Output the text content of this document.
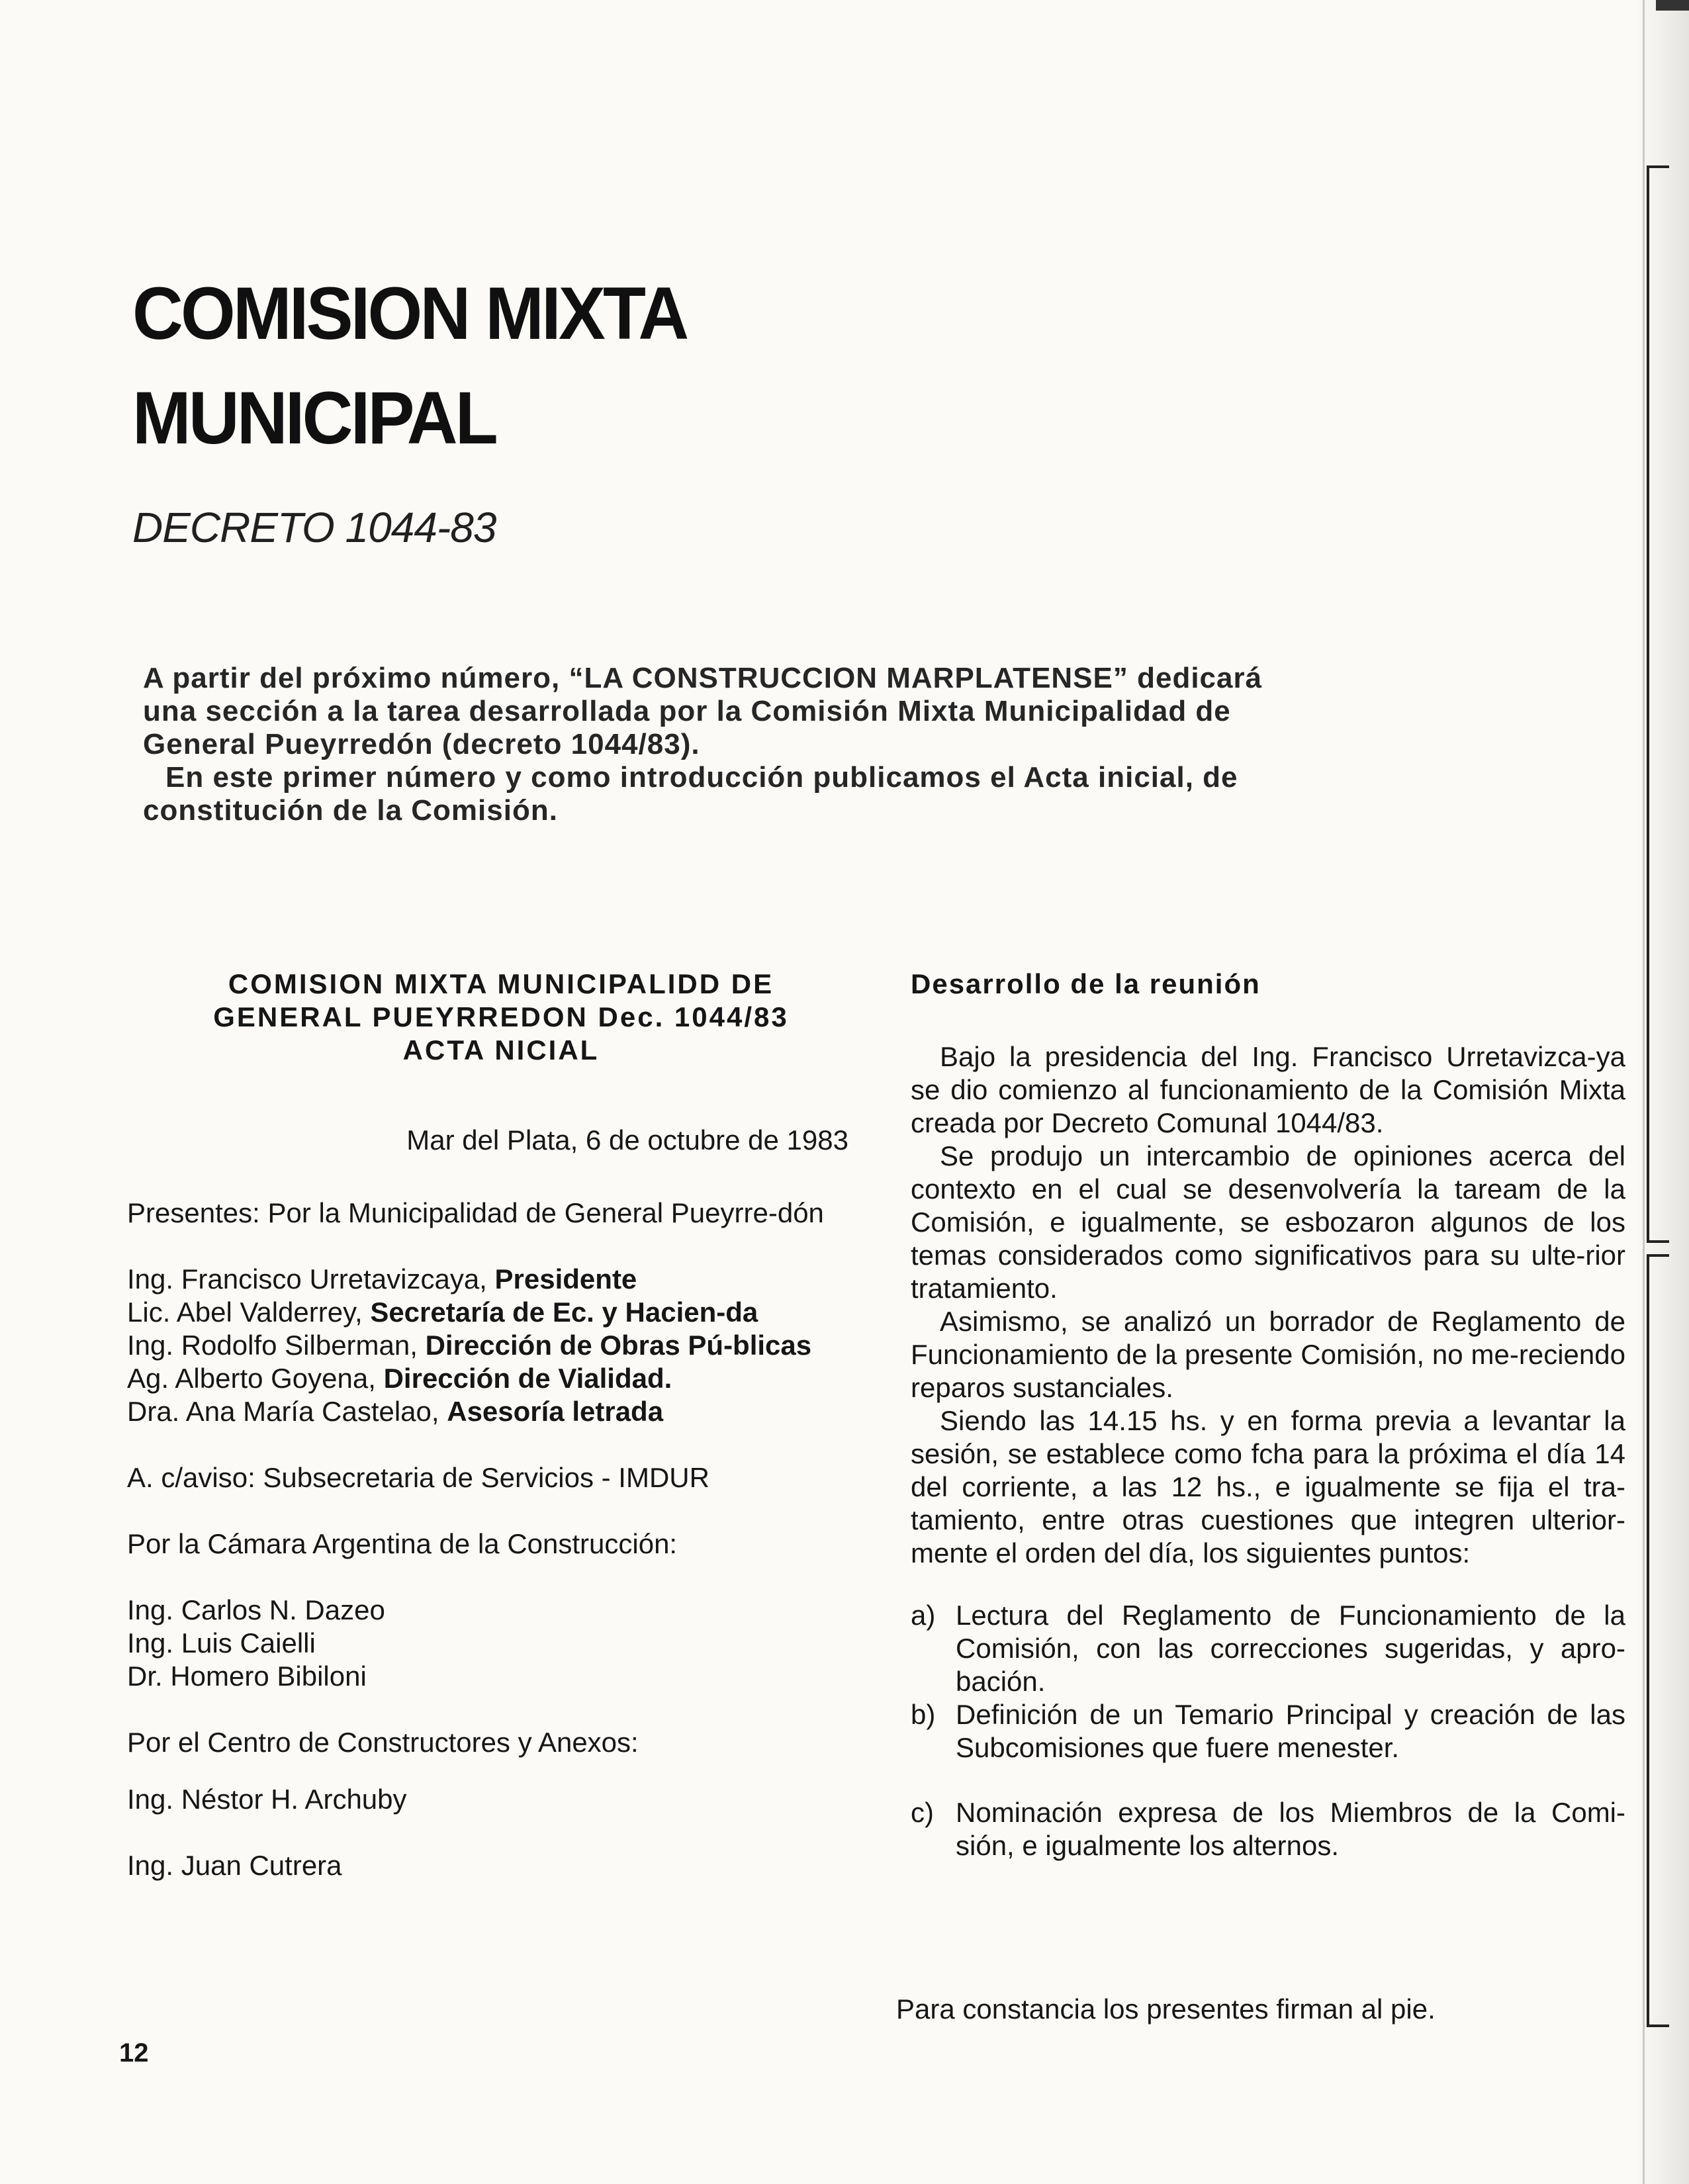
COMISION MIXTA
MUNICIPAL
DECRETO 1044-83

A partir del próximo número, “LA CONSTRUCCION MARPLATENSE” dedicará una sección a la tarea desarrollada por la Comisión Mixta Municipalidad de General Pueyrredón (decreto 1044/83).

En este primer número y como introducción publicamos el Acta inicial, de constitución de la Comisión.

COMISION MIXTA MUNICIPALIDD DE

GENERAL PUEYRREDON Dec. 1044/83

ACTA NICIAL

Mar del Plata, 6 de octubre de 1983

Presentes: Por la Municipalidad de General Pueyrre-dón

Ing. Francisco Urretavizcaya, Presidente

Lic. Abel Valderrey, Secretaría de Ec. y Hacien-da

Ing. Rodolfo Silberman, Dirección de Obras Pú-blicas

Ag. Alberto Goyena, Dirección de Vialidad.

Dra. Ana María Castelao, Asesoría letrada

A. c/aviso: Subsecretaria de Servicios - IMDUR

Por la Cámara Argentina de la Construcción:

Ing. Carlos N. Dazeo

Ing. Luis Caielli

Dr. Homero Bibiloni

Por el Centro de Constructores y Anexos:

Ing. Néstor H. Archuby

Ing. Juan Cutrera

Desarrollo de la reunión

Bajo la presidencia del Ing. Francisco Urretavizca-ya se dio comienzo al funcionamiento de la Comisión Mixta creada por Decreto Comunal 1044/83.

Se produjo un intercambio de opiniones acerca del contexto en el cual se desenvolvería la taream de la Comisión, e igualmente, se esbozaron algunos de los temas considerados como significativos para su ulte-rior tratamiento.

Asimismo, se analizó un borrador de Reglamento de Funcionamiento de la presente Comisión, no me-reciendo reparos sustanciales.

Siendo las 14.15 hs. y en forma previa a levantar la sesión, se establece como fcha para la próxima el día 14 del corriente, a las 12 hs., e igualmente se fija el tra-tamiento, entre otras cuestiones que integren ulterior-mente el orden del día, los siguientes puntos:

a) Lectura del Reglamento de Funcionamiento de la Comisión, con las correcciones sugeridas, y apro-bación.
b) Definición de un Temario Principal y creación de las Subcomisiones que fuere menester.
c) Nominación expresa de los Miembros de la Comi-sión, e igualmente los alternos.
Para constancia los presentes firman al pie.
12
